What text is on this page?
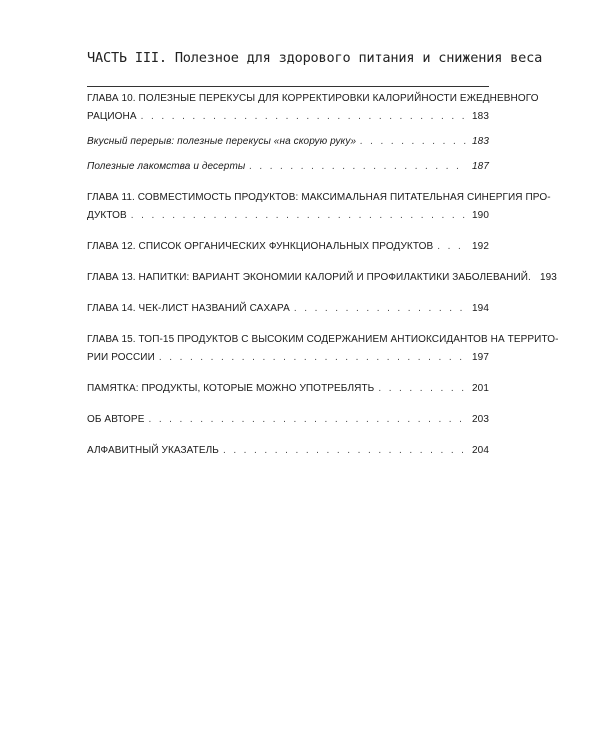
ЧАСТЬ III. Полезное для здорового питания и снижения веса
ГЛАВА 10. ПОЛЕЗНЫЕ ПЕРЕКУСЫ ДЛЯ КОРРЕКТИРОВКИ КАЛОРИЙНОСТИ ЕЖЕДНЕВНОГО
РАЦИОНА . . .	183
Вкусный перерыв: полезные перекусы «на скорую руку» . . .	183
Полезные лакомства и десерты . . .	187
ГЛАВА 11. СОВМЕСТИМОСТЬ ПРОДУКТОВ: МАКСИМАЛЬНАЯ ПИТАТЕЛЬНАЯ СИНЕРГИЯ ПРО-
ДУКТОВ . . .	190
ГЛАВА 12. СПИСОК ОРГАНИЧЕСКИХ ФУНКЦИОНАЛЬНЫХ ПРОДУКТОВ . . .	192
ГЛАВА 13. НАПИТКИ: ВАРИАНТ ЭКОНОМИИ КАЛОРИЙ И ПРОФИЛАКТИКИ ЗАБОЛЕВАНИЙ. 193
ГЛАВА 14. ЧЕК-ЛИСТ НАЗВАНИЙ САХАРА . . .	194
ГЛАВА 15. ТОП-15 ПРОДУКТОВ С ВЫСОКИМ СОДЕРЖАНИЕМ АНТИОКСИДАНТОВ НА ТЕРРИТО-
РИИ РОССИИ . . .	197
ПАМЯТКА: ПРОДУКТЫ, КОТОРЫЕ МОЖНО УПОТРЕБЛЯТЬ . . .	201
ОБ АВТОРЕ . . .	203
АЛФАВИТНЫЙ УКАЗАТЕЛЬ . . .	204
